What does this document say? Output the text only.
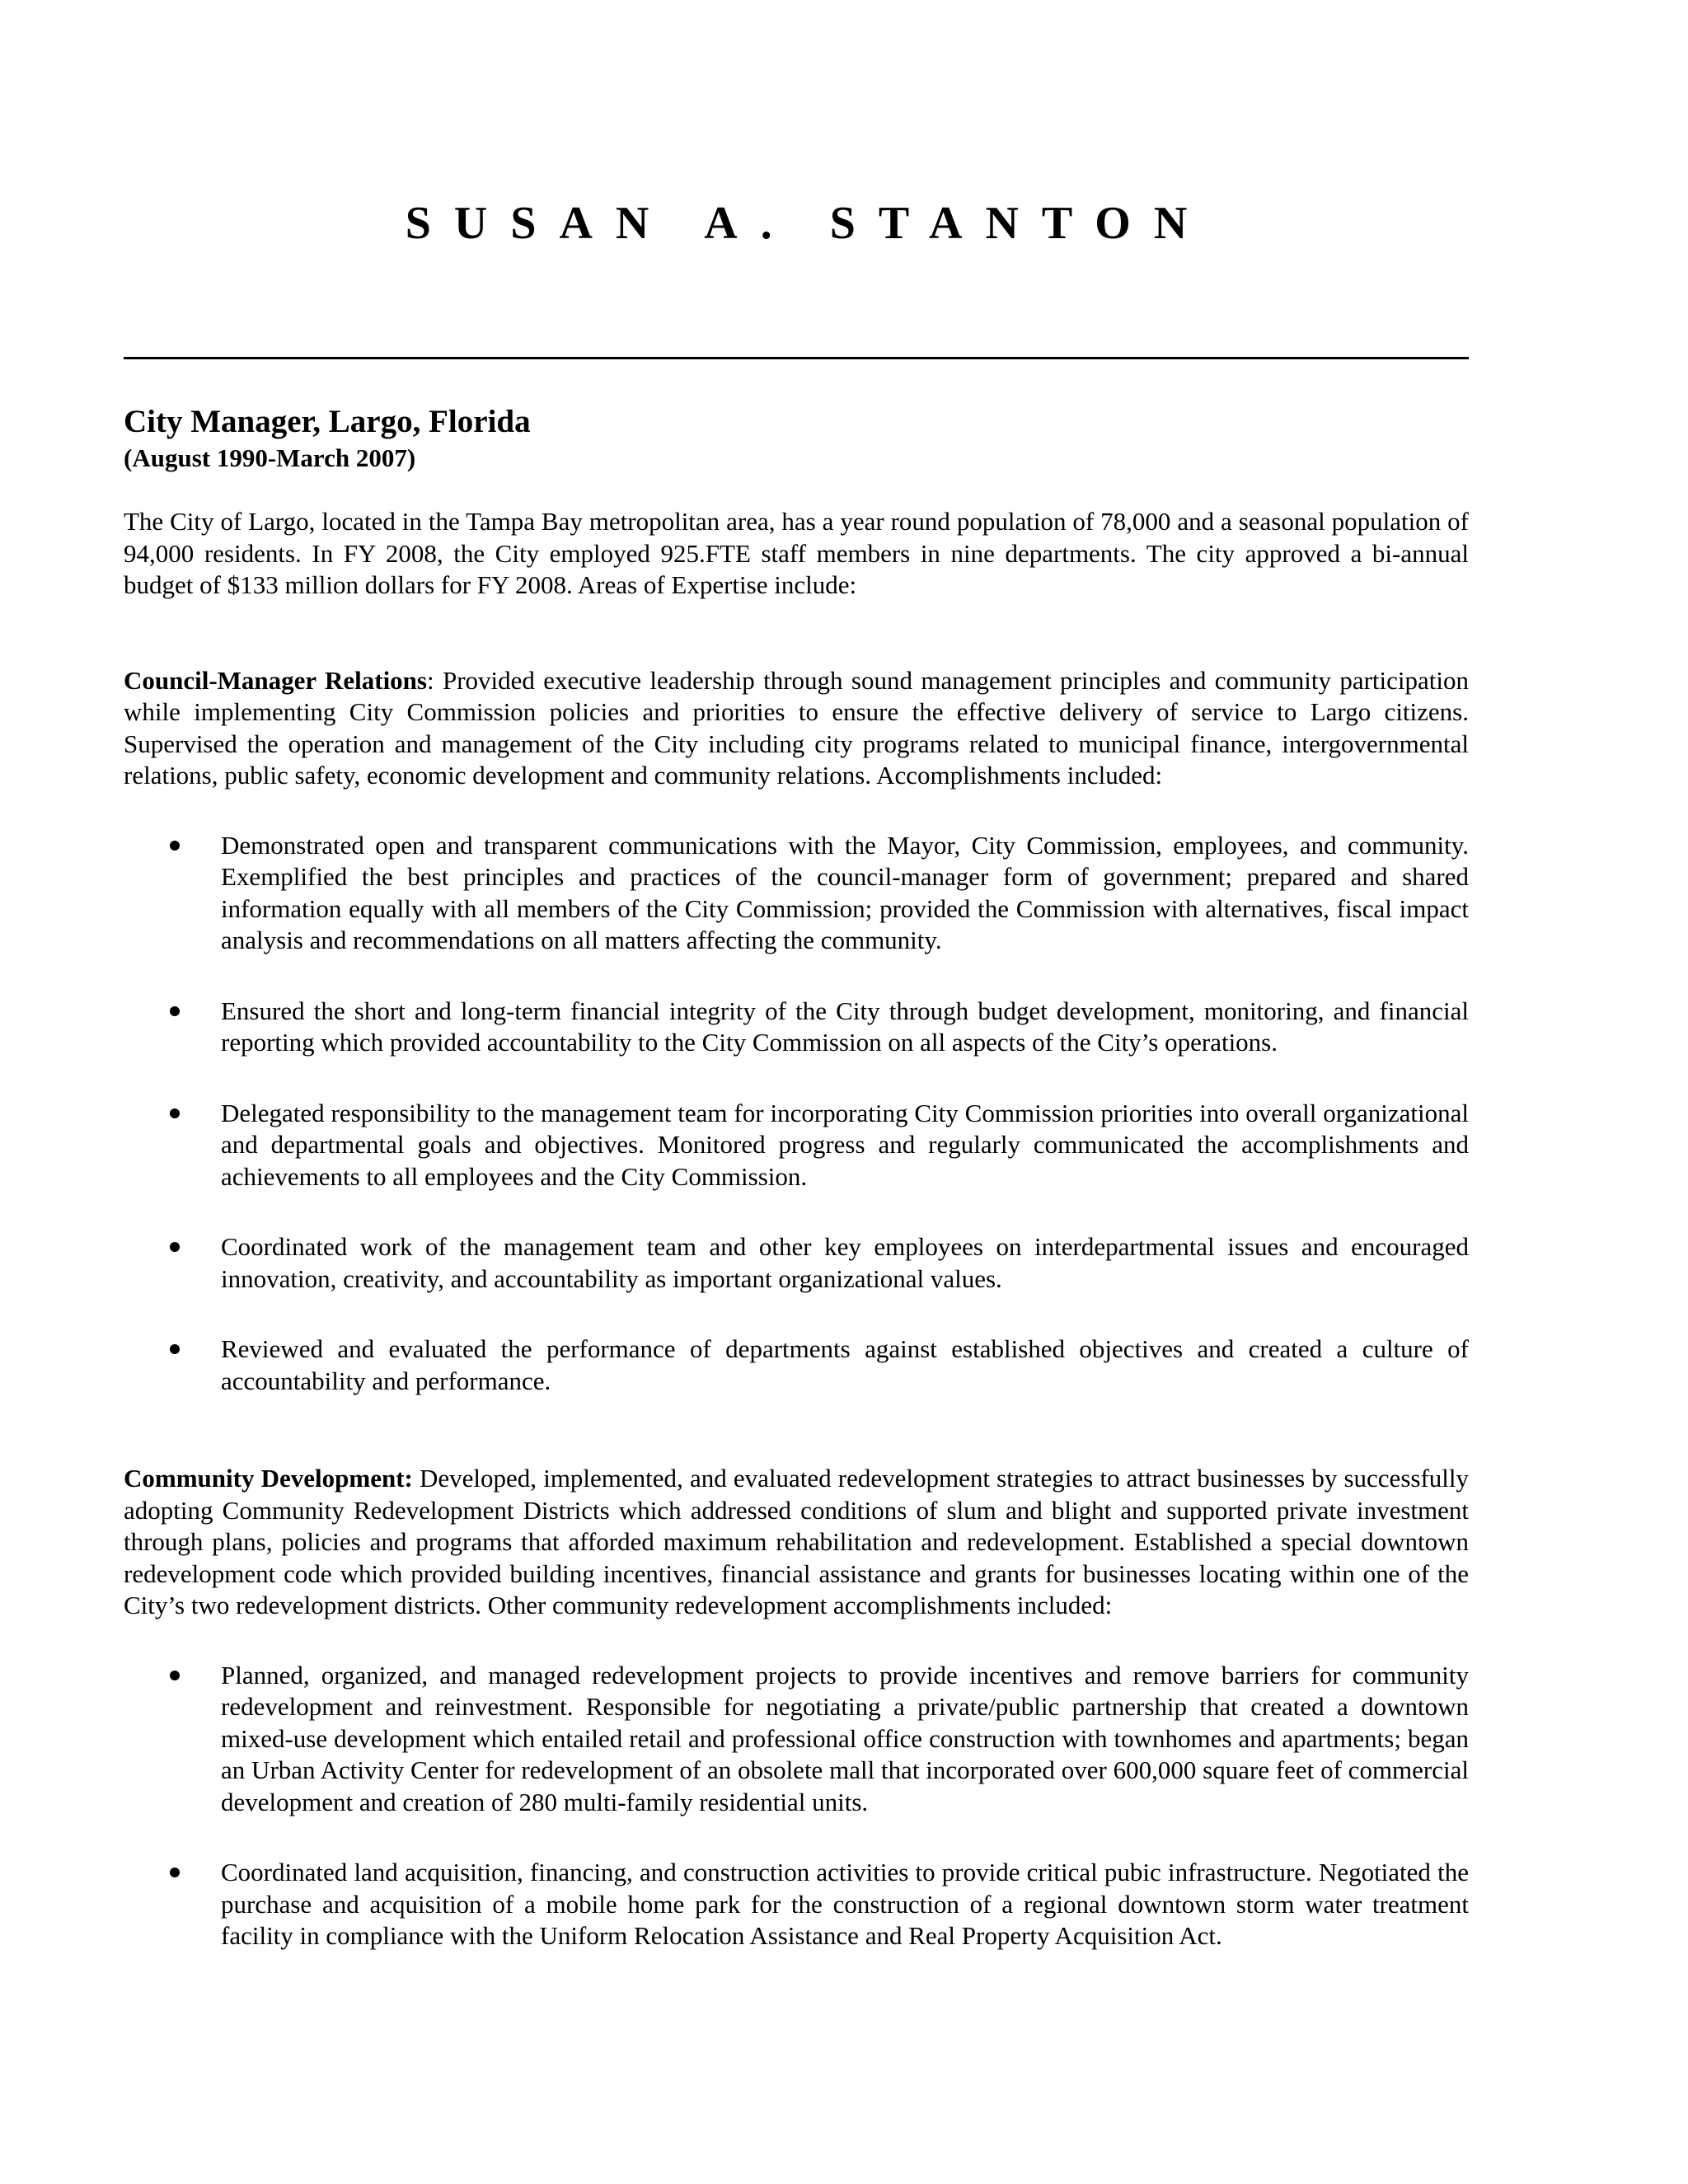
SUSAN A. STANTON
City Manager, Largo, Florida
(August 1990-March 2007)

The City of Largo, located in the Tampa Bay metropolitan area, has a year round population of 78,000 and a seasonal population of 94,000 residents. In FY 2008, the City employed 925.FTE staff members in nine departments. The city approved a bi-annual budget of $133 million dollars for FY 2008. Areas of Expertise include:

Council-Manager Relations: Provided executive leadership through sound management principles and community participation while implementing City Commission policies and priorities to ensure the effective delivery of service to Largo citizens. Supervised the operation and management of the City including city programs related to municipal finance, intergovernmental relations, public safety, economic development and community relations. Accomplishments included:

Demonstrated open and transparent communications with the Mayor, City Commission, employees, and community. Exemplified the best principles and practices of the council-manager form of government; prepared and shared information equally with all members of the City Commission; provided the Commission with alternatives, fiscal impact analysis and recommendations on all matters affecting the community.
Ensured the short and long-term financial integrity of the City through budget development, monitoring, and financial reporting which provided accountability to the City Commission on all aspects of the City’s operations.
Delegated responsibility to the management team for incorporating City Commission priorities into overall organizational and departmental goals and objectives. Monitored progress and regularly communicated the accomplishments and achievements to all employees and the City Commission.
Coordinated work of the management team and other key employees on interdepartmental issues and encouraged innovation, creativity, and accountability as important organizational values.
Reviewed and evaluated the performance of departments against established objectives and created a culture of accountability and performance.

Community Development: Developed, implemented, and evaluated redevelopment strategies to attract businesses by successfully adopting Community Redevelopment Districts which addressed conditions of slum and blight and supported private investment through plans, policies and programs that afforded maximum rehabilitation and redevelopment. Established a special downtown redevelopment code which provided building incentives, financial assistance and grants for businesses locating within one of the City’s two redevelopment districts. Other community redevelopment accomplishments included:

Planned, organized, and managed redevelopment projects to provide incentives and remove barriers for community redevelopment and reinvestment. Responsible for negotiating a private/public partnership that created a downtown mixed-use development which entailed retail and professional office construction with townhomes and apartments; began an Urban Activity Center for redevelopment of an obsolete mall that incorporated over 600,000 square feet of commercial development and creation of 280 multi-family residential units.
Coordinated land acquisition, financing, and construction activities to provide critical pubic infrastructure. Negotiated the purchase and acquisition of a mobile home park for the construction of a regional downtown storm water treatment facility in compliance with the Uniform Relocation Assistance and Real Property Acquisition Act.
